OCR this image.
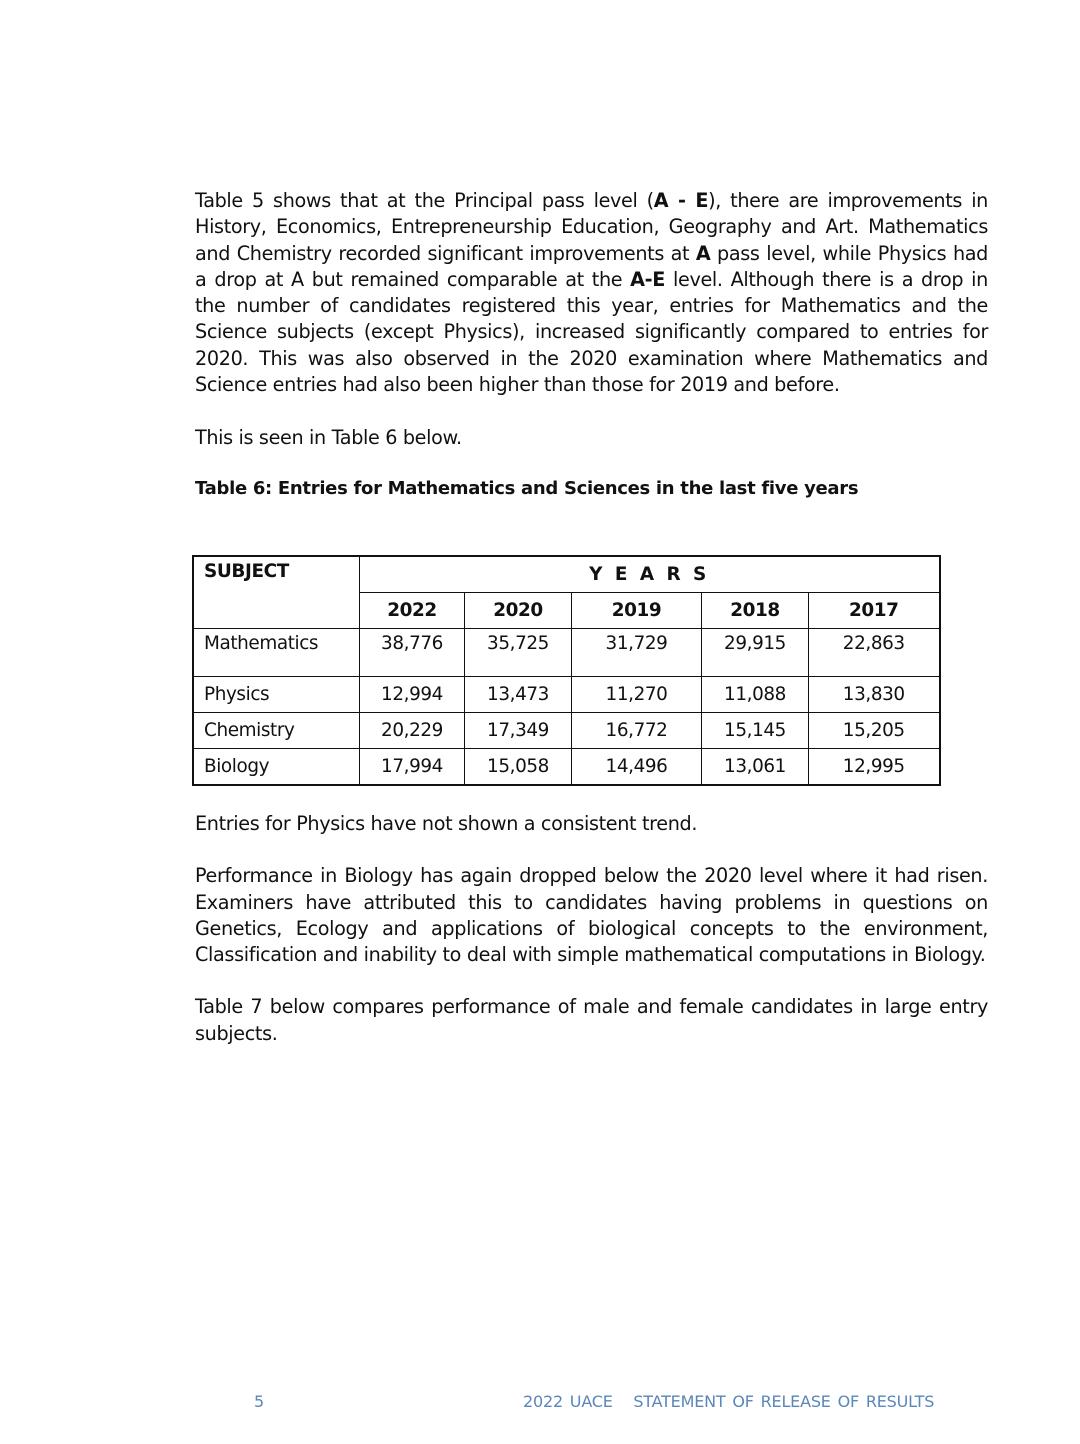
Table 5 shows that at the Principal pass level (A - E), there are improvements in History, Economics, Entrepreneurship Education, Geography and Art. Mathematics and Chemistry recorded significant improvements at A pass level, while Physics had a drop at A but remained comparable at the A-E level. Although there is a drop in the number of candidates registered this year, entries for Mathematics and the Science subjects (except Physics), increased significantly compared to entries for 2020. This was also observed in the 2020 examination where Mathematics and Science entries had also been higher than those for 2019 and before.

This is seen in Table 6 below.

Table 6: Entries for Mathematics and Sciences in the last five years
SUBJECT	Y E A R S				
	2022	2020	2019	2018	2017
Mathematics	38,776	35,725	31,729	29,915	22,863
Physics	12,994	13,473	11,270	11,088	13,830
Chemistry	20,229	17,349	16,772	15,145	15,205
Biology	17,994	15,058	14,496	13,061	12,995

Entries for Physics have not shown a consistent trend.

Performance in Biology has again dropped below the 2020 level where it had risen. Examiners have attributed this to candidates having problems in questions on Genetics, Ecology and applications of biological concepts to the environment, Classification and inability to deal with simple mathematical computations in Biology.

Table 7 below compares performance of male and female candidates in large entry subjects.

5	2022 UACE   STATEMENT OF RELEASE OF RESULTS
